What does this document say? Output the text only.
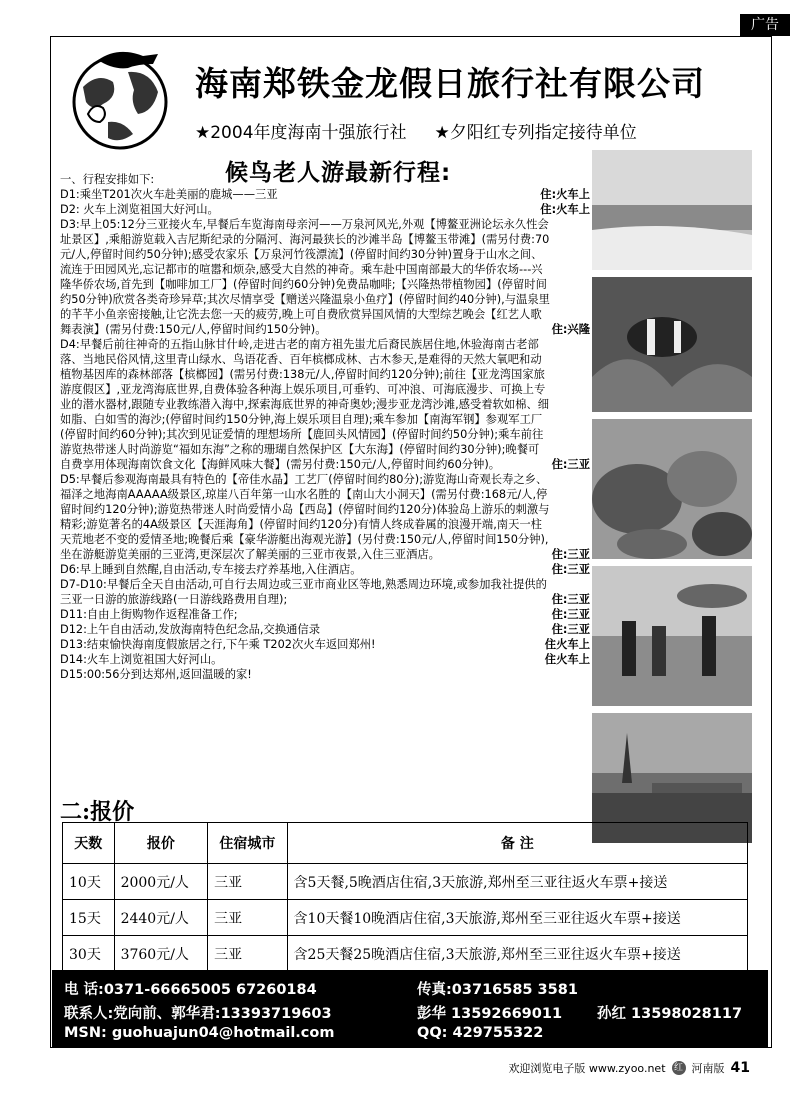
广告
海南郑铁金龙假日旅行社有限公司
★2004年度海南十强旅行社 ★夕阳红专列指定接待单位
候鸟老人游最新行程:

一、行程安排如下:

D1:乘坐T201次火车赴美丽的鹿城——三亚	住:火车上

D2: 火车上浏览祖国大好河山。	住:火车上

D3:早上05:12分三亚接火车,早餐后车览海南母亲河——万泉河风光,外观【博鳌亚洲论坛永久性会址景区】,乘船游览载入吉尼斯纪录的分隔河、海河最狭长的沙滩半岛【博鳌玉带滩】(需另付费:70元/人,停留时间约50分钟);感受农家乐【万泉河竹筏漂流】(停留时间约30分钟)置身于山水之间、流连于田园风光,忘记都市的喧嚣和烦杂,感受大自然的神奇。乘车赴中国南部最大的华侨农场---兴隆华侨农场,首先到【咖啡加工厂】(停留时间约60分钟)免费品咖啡;【兴隆热带植物园】(停留时间约50分钟)欣赏各类奇珍异草;其次尽情享受【赠送兴隆温泉小鱼疗】(停留时间约40分钟),与温泉里的芊芊小鱼亲密接触,让它洗去您一天的疲劳,晚上可自费欣赏异国风情的大型综艺晚会【红艺人歌舞表演】(需另付费:150元/人,停留时间约150分钟)。	住:兴隆

D4:早餐后前往神奇的五指山脉甘什岭,走进古老的南方祖先蚩尤后裔民族居住地,休验海南古老部落、当地民俗风情,这里青山绿水、鸟语花香、百年槟榔成林、古木参天,是难得的天然大氧吧和动植物基因库的森林部落【槟榔园】(需另付费:138元/人,停留时间约120分钟);前往【亚龙湾国家旅游度假区】,亚龙湾海底世界,自费体验各种海上娱乐项目,可垂钓、可冲浪、可海底漫步、可换上专业的潜水器材,跟随专业教练潜入海中,探索海底世界的神奇奥妙;漫步亚龙湾沙滩,感受着软如棉、细如脂、白如雪的海沙;(停留时间约150分钟,海上娱乐项目自理);乘车参加【南海军钢】参观军工厂(停留时间约60分钟);其次到见证爱情的理想场所【鹿回头风情园】(停留时间约50分钟);乘车前往游览热带迷人时尚游览“福如东海”之称的珊瑚自然保护区【大东海】(停留时间约30分钟);晚餐可自费享用体现海南饮食文化【海鲜风味大餐】(需另付费:150元/人,停留时间约60分钟)。	住:三亚

D5:早餐后参观海南最具有特色的【帝佳水晶】工艺厂(停留时间约80分);游览海山奇观长寿之乡、福泽之地海南AAAAA级景区,琼崖八百年第一山水名胜的【南山大小洞天】(需另付费:168元/人,停留时间约120分钟);游览热带迷人时尚爱情小岛【西岛】(停留时间约120分)体验岛上游乐的刺激与精彩;游览著名的4A级景区【天涯海角】(停留时间约120分)有情人终成眷属的浪漫开端,南天一柱天荒地老不变的爱情圣地;晚餐后乘【豪华游艇出海观光游】(另付费:150元/人,停留时间150分钟),坐在游艇游览美丽的三亚湾,更深层次了解美丽的三亚市夜景,入住三亚酒店。	住:三亚

D6:早上睡到自然醒,自由活动,专车接去疗养基地,入住酒店。	住:三亚

D7-D10:早餐后全天自由活动,可自行去周边或三亚市商业区等地,熟悉周边环境,或参加我社提供的三亚一日游的旅游线路(一日游线路费用自理);	住:三亚

D11:自由上街购物作返程准备工作;	住:三亚

D12:上午自由活动,发放海南特色纪念品,交换通信录	住:三亚

D13:结束愉快海南度假旅居之行,下午乘 T202次火车返回郑州!	住火车上

D14:火车上浏览祖国大好河山。	住火车上

D15:00:56分到达郑州,返回温暖的家!

二:报价
天数	报价	住宿城市	备 注
10天	2000元/人	三亚	含5天餐,5晚酒店住宿,3天旅游,郑州至三亚往返火车票+接送
15天	2440元/人	三亚	含10天餐10晚酒店住宿,3天旅游,郑州至三亚往返火车票+接送
30天	3760元/人	三亚	含25天餐25晚酒店住宿,3天旅游,郑州至三亚往返火车票+接送
电 话:0371-66665005 67260184	传真:03716585 3581
联系人:党向前、郭华君:13393719603	彭华 13592669011 孙红 13598028117
MSN: guohuajun04@hotmail.com	QQ: 429755322
欢迎浏览电子版 www.zyoo.net 红 河南版 41
